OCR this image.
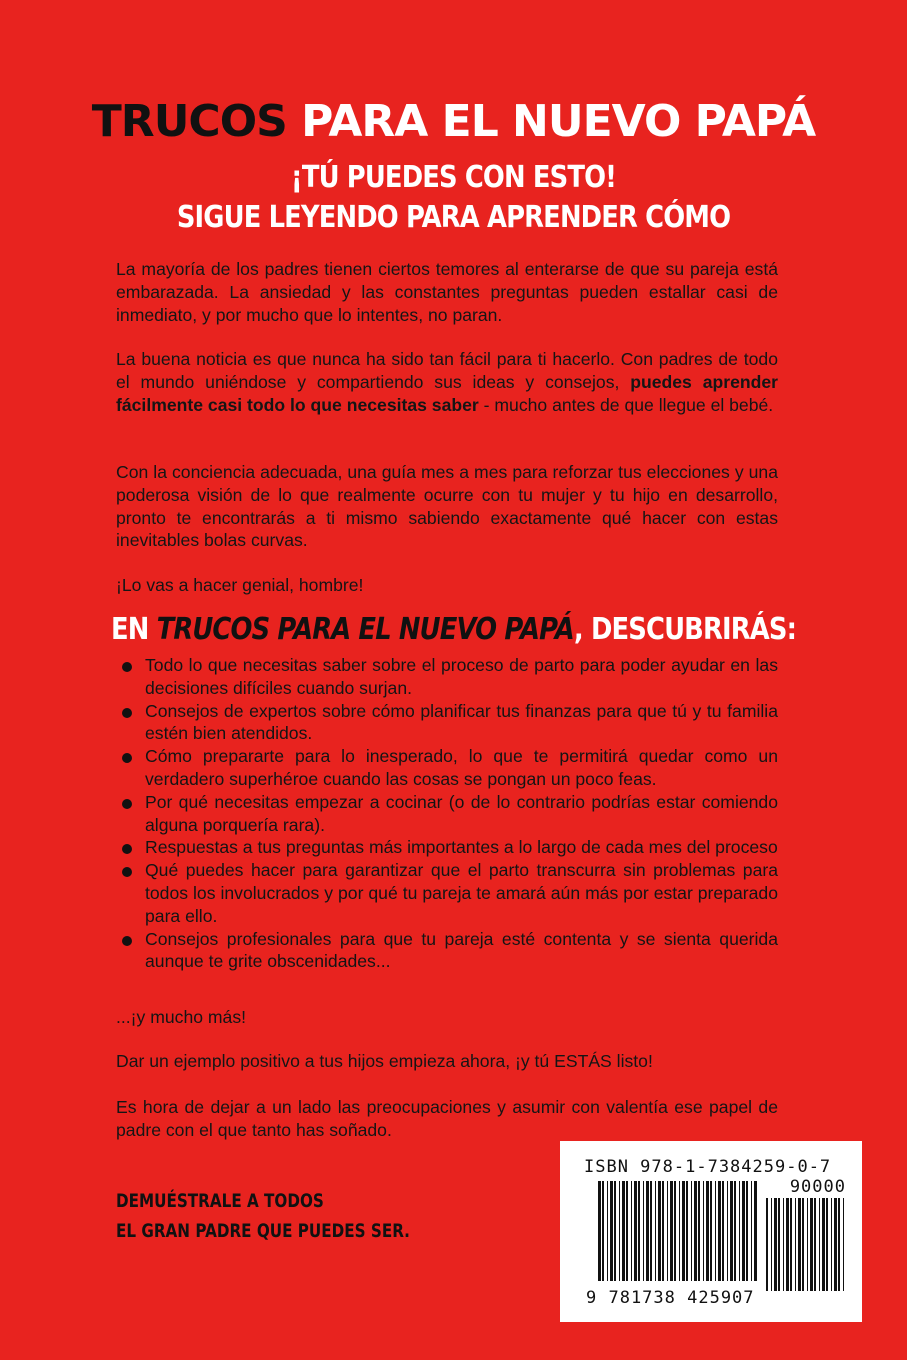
TRUCOS PARA EL NUEVO PAPÁ
¡TÚ PUEDES CON ESTO!
SIGUE LEYENDO PARA APRENDER CÓMO

La mayoría de los padres tienen ciertos temores al enterarse de que su pareja está embarazada. La ansiedad y las constantes preguntas pueden estallar casi de inmediato, y por mucho que lo intentes, no paran.

La buena noticia es que nunca ha sido tan fácil para ti hacerlo. Con padres de todo el mundo uniéndose y compartiendo sus ideas y consejos, puedes aprender fácilmente casi todo lo que necesitas saber - mucho antes de que llegue el bebé.

Con la conciencia adecuada, una guía mes a mes para reforzar tus elecciones y una poderosa visión de lo que realmente ocurre con tu mujer y tu hijo en desarrollo, pronto te encontrarás a ti mismo sabiendo exactamente qué hacer con estas inevitables bolas curvas.

¡Lo vas a hacer genial, hombre!

EN TRUCOS PARA EL NUEVO PAPÁ, DESCUBRIRÁS:
Todo lo que necesitas saber sobre el proceso de parto para poder ayudar en las decisiones difíciles cuando surjan.
Consejos de expertos sobre cómo planificar tus finanzas para que tú y tu familia estén bien atendidos.
Cómo prepararte para lo inesperado, lo que te permitirá quedar como un verdadero superhéroe cuando las cosas se pongan un poco feas.
Por qué necesitas empezar a cocinar (o de lo contrario podrías estar comiendo alguna porquería rara).
Respuestas a tus preguntas más importantes a lo largo de cada mes del proceso
Qué puedes hacer para garantizar que el parto transcurra sin problemas para todos los involucrados y por qué tu pareja te amará aún más por estar preparado para ello.
Consejos profesionales para que tu pareja esté contenta y se sienta querida aunque te grite obscenidades...

...¡y mucho más!

Dar un ejemplo positivo a tus hijos empieza ahora, ¡y tú ESTÁS listo!

Es hora de dejar a un lado las preocupaciones y asumir con valentía ese papel de padre con el que tanto has soñado.

DEMUÉSTRALE A TODOS
EL GRAN PADRE QUE PUEDES SER.
ISBN 978-1-7384259-0-7
90000
9 781738 425907
